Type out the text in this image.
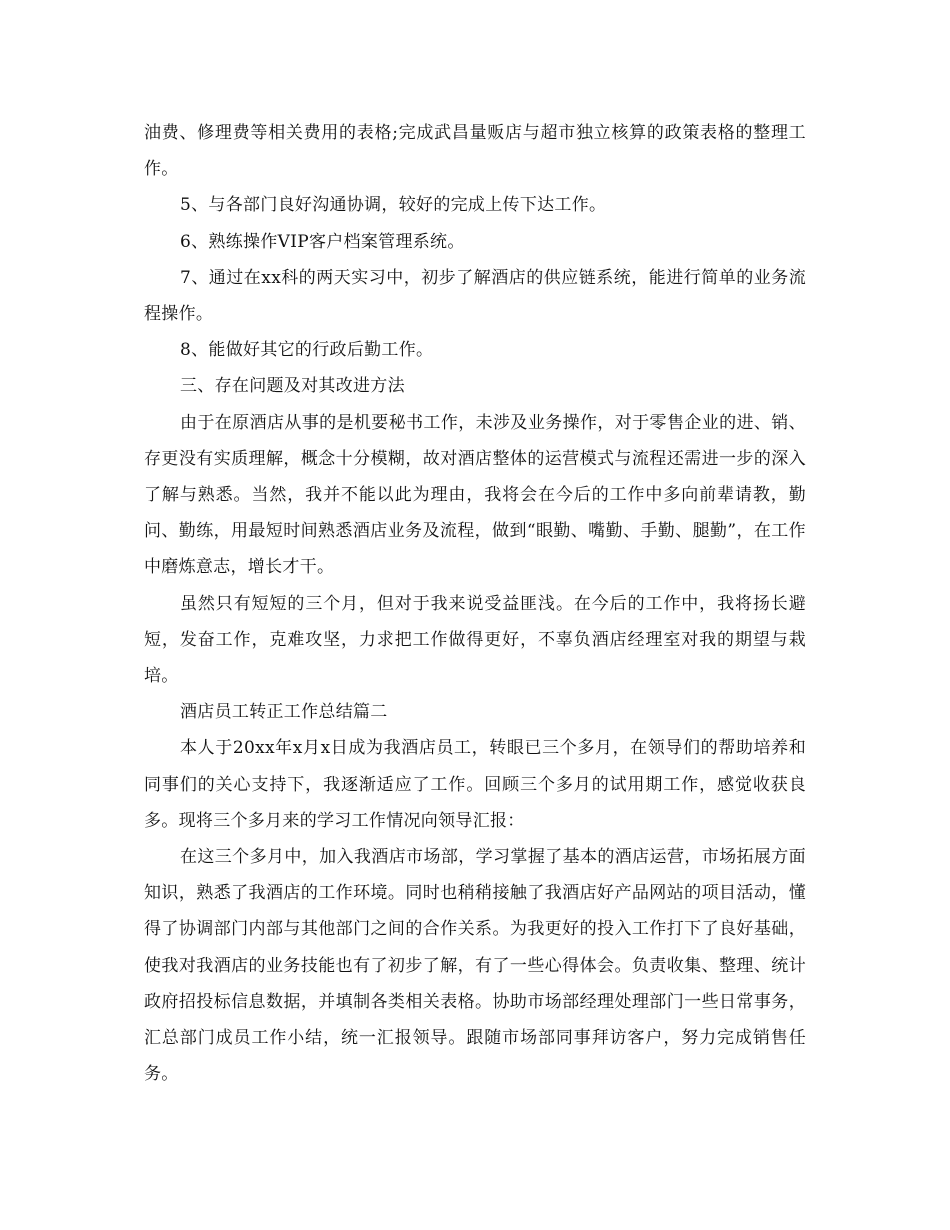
油费、修理费等相关费用的表格;完成武昌量贩店与超市独立核算的政策表格的整理工作。

5、与各部门良好沟通协调，较好的完成上传下达工作。

6、熟练操作VIP客户档案管理系统。

7、通过在xx科的两天实习中，初步了解酒店的供应链系统，能进行简单的业务流程操作。

8、能做好其它的行政后勤工作。

三、存在问题及对其改进方法

由于在原酒店从事的是机要秘书工作，未涉及业务操作，对于零售企业的进、销、存更没有实质理解，概念十分模糊，故对酒店整体的运营模式与流程还需进一步的深入了解与熟悉。当然，我并不能以此为理由，我将会在今后的工作中多向前辈请教，勤问、勤练，用最短时间熟悉酒店业务及流程，做到“眼勤、嘴勤、手勤、腿勤”，在工作中磨炼意志，增长才干。

虽然只有短短的三个月，但对于我来说受益匪浅。在今后的工作中，我将扬长避短，发奋工作，克难攻坚，力求把工作做得更好，不辜负酒店经理室对我的期望与栽培。

酒店员工转正工作总结篇二

本人于20xx年x月x日成为我酒店员工，转眼已三个多月，在领导们的帮助培养和同事们的关心支持下，我逐渐适应了工作。回顾三个多月的试用期工作，感觉收获良多。现将三个多月来的学习工作情况向领导汇报：

在这三个多月中，加入我酒店市场部，学习掌握了基本的酒店运营，市场拓展方面知识，熟悉了我酒店的工作环境。同时也稍稍接触了我酒店好产品网站的项目活动，懂得了协调部门内部与其他部门之间的合作关系。为我更好的投入工作打下了良好基础，使我对我酒店的业务技能也有了初步了解，有了一些心得体会。负责收集、整理、统计政府招投标信息数据，并填制各类相关表格。协助市场部经理处理部门一些日常事务，汇总部门成员工作小结，统一汇报领导。跟随市场部同事拜访客户，努力完成销售任务。
